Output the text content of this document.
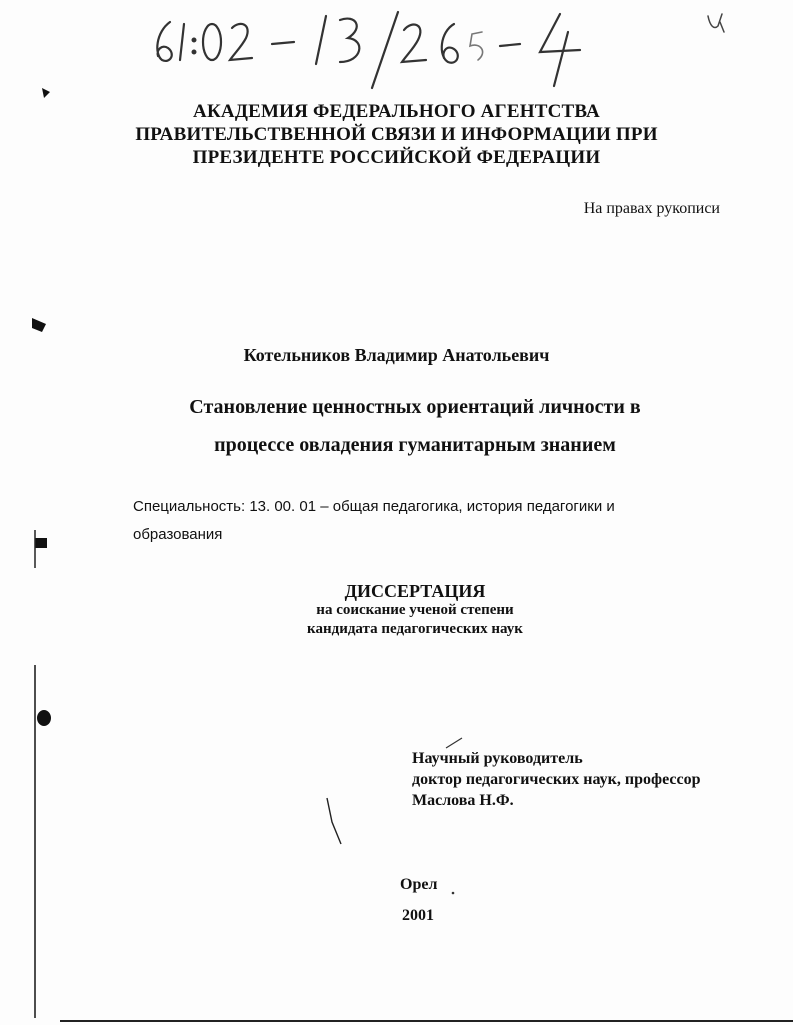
АКАДЕМИЯ ФЕДЕРАЛЬНОГО АГЕНТСТВА
ПРАВИТЕЛЬСТВЕННОЙ СВЯЗИ И ИНФОРМАЦИИ ПРИ
ПРЕЗИДЕНТЕ РОССИЙСКОЙ ФЕДЕРАЦИИ
На правах рукописи
Котельников Владимир Анатольевич
Становление ценностных ориентаций личности в
процессе овладения гуманитарным знанием
Специальность: 13. 00. 01 – общая педагогика, история педагогики и
образования
ДИССЕРТАЦИЯ
на соискание ученой степени
кандидата педагогических наук
Научный руководитель
доктор педагогических наук, профессор
Маслова Н.Ф.
Орел
2001
